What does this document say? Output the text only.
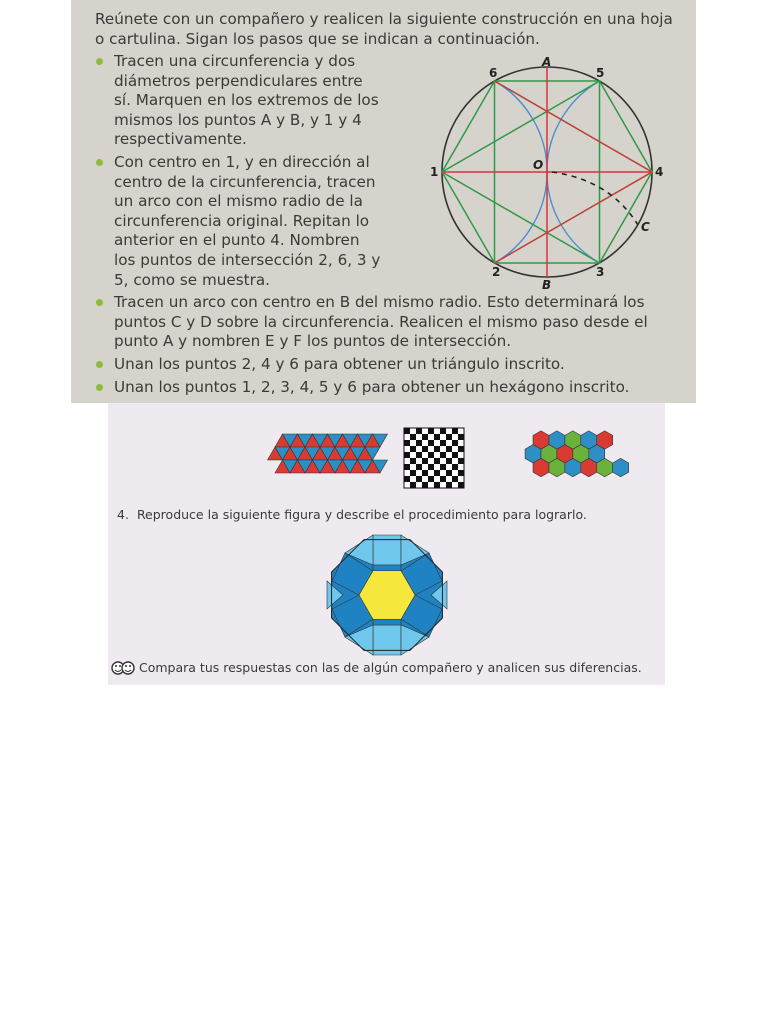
Reúnete con un compañero y realicen la siguiente construcción en una hoja o cartulina. Sigan los pasos que se indican a continuación.

Tracen una circunferencia y dos diámetros perpendiculares entre sí. Marquen en los extremos de los mismos los puntos A y B, y 1 y 4 respectivamente.
Con centro en 1, y en dirección al centro de la circunferencia, tracen un arco con el mismo radio de la circunferencia original. Repitan lo anterior en el punto 4. Nombren los puntos de intersección 2, 6, 3 y 5, como se muestra.
Tracen un arco con centro en B del mismo radio. Esto determinará los puntos C y D sobre la circunferencia. Realicen el mismo paso desde el punto A y nombren E y F los puntos de intersección.
Unan los puntos 2, 4 y 6 para obtener un triángulo inscrito.
Unan los puntos 1, 2, 3, 4, 5 y 6 para obtener un hexágono inscrito.
A
B
O
C
1
2	3
4
5
6

4. Reproduce la siguiente figura y describe el procedimiento para lograrlo.

Compara tus respuestas con las de algún compañero y analicen sus diferencias.
